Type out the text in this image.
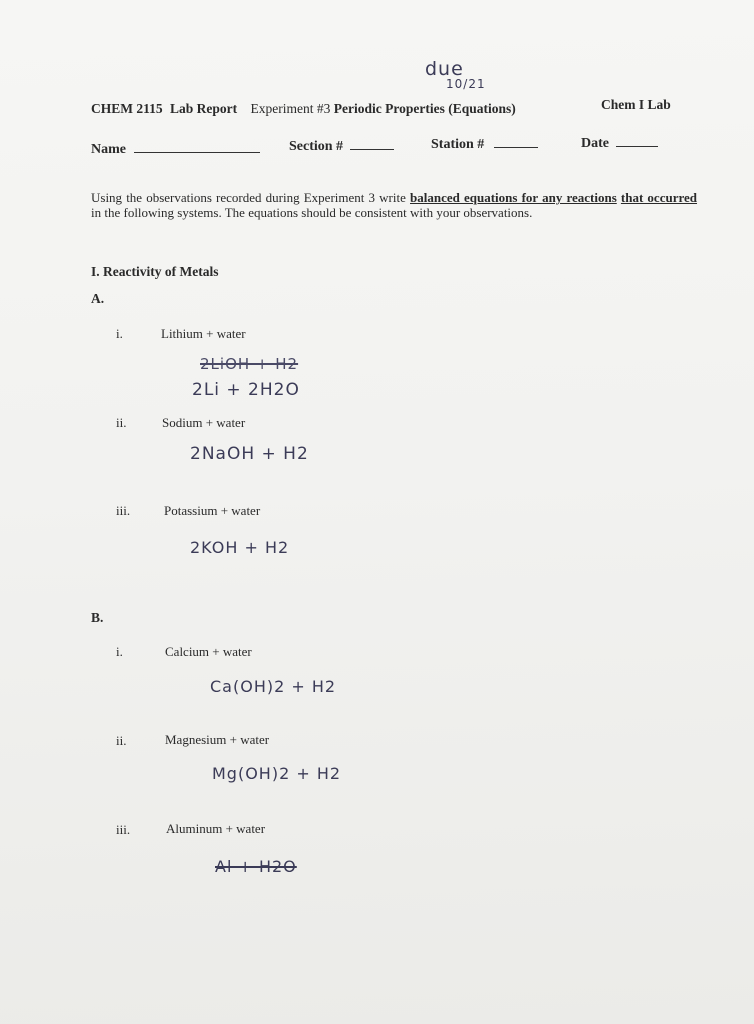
due
10/21
CHEM 2115 Lab Report Experiment #3 Periodic Properties (Equations)	Chem I Lab
Name	Section #	Station #	Date
Using the observations recorded during Experiment 3 write balanced equations for any reactions that occurred in the following systems. The equations should be consistent with your observations.
I. Reactivity of Metals
A.
i.	Lithium + water
2LiOH + H2
2Li + 2H2O
ii.	Sodium + water
2NaOH + H2
iii.	Potassium + water
2KOH + H2
B.
i.	Calcium + water
Ca(OH)2 + H2
ii.	Magnesium + water
Mg(OH)2 + H2
iii.	Aluminum + water
Al + H2O
